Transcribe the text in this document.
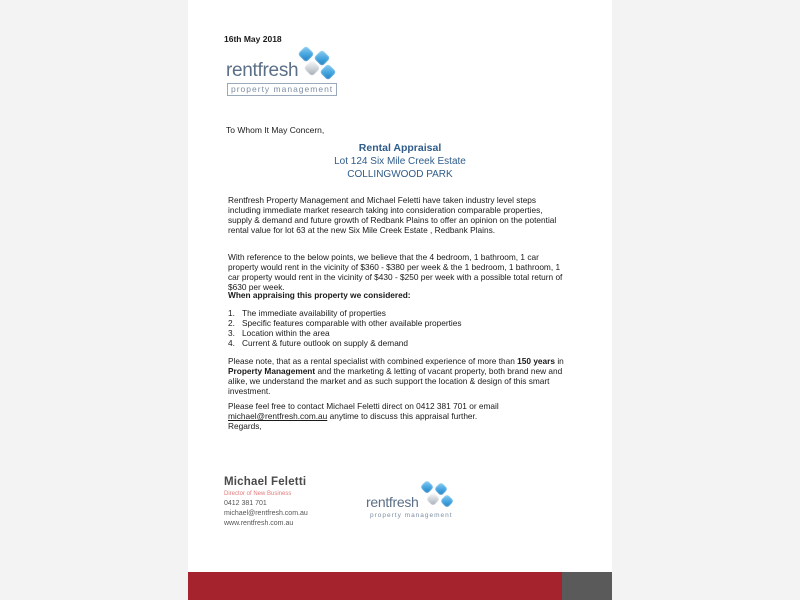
16th May 2018
rentfresh
property management
To Whom It May Concern,
Rental Appraisal
Lot 124 Six Mile Creek Estate
COLLINGWOOD PARK
Rentfresh Property Management and Michael Feletti have taken industry level steps including immediate market research taking into consideration comparable properties, supply & demand and future growth of Redbank Plains to offer an opinion on the potential rental value for lot 63 at the new Six Mile Creek Estate , Redbank Plains.
With reference to the below points, we believe that the 4 bedroom, 1 bathroom, 1 car property would rent in the vicinity of $360 - $380 per week & the 1 bedroom, 1 bathroom, 1 car property would rent in the vicinity of $430 - $250 per week with a possible total return of $630 per week.
When appraising this property we considered:
1. The immediate availability of properties
2. Specific features comparable with other available properties
3. Location within the area
4. Current & future outlook on supply & demand
Please note, that as a rental specialist with combined experience of more than 150 years in Property Management and the marketing & letting of vacant property, both brand new and alike, we understand the market and as such support the location & design of this smart investment.
Please feel free to contact Michael Feletti direct on 0412 381 701 or email michael@rentfresh.com.au anytime to discuss this appraisal further.
Regards,
Michael Feletti
Director of New Business
0412 381 701
michael@rentfresh.com.au
www.rentfresh.com.au
rentfresh
property management
